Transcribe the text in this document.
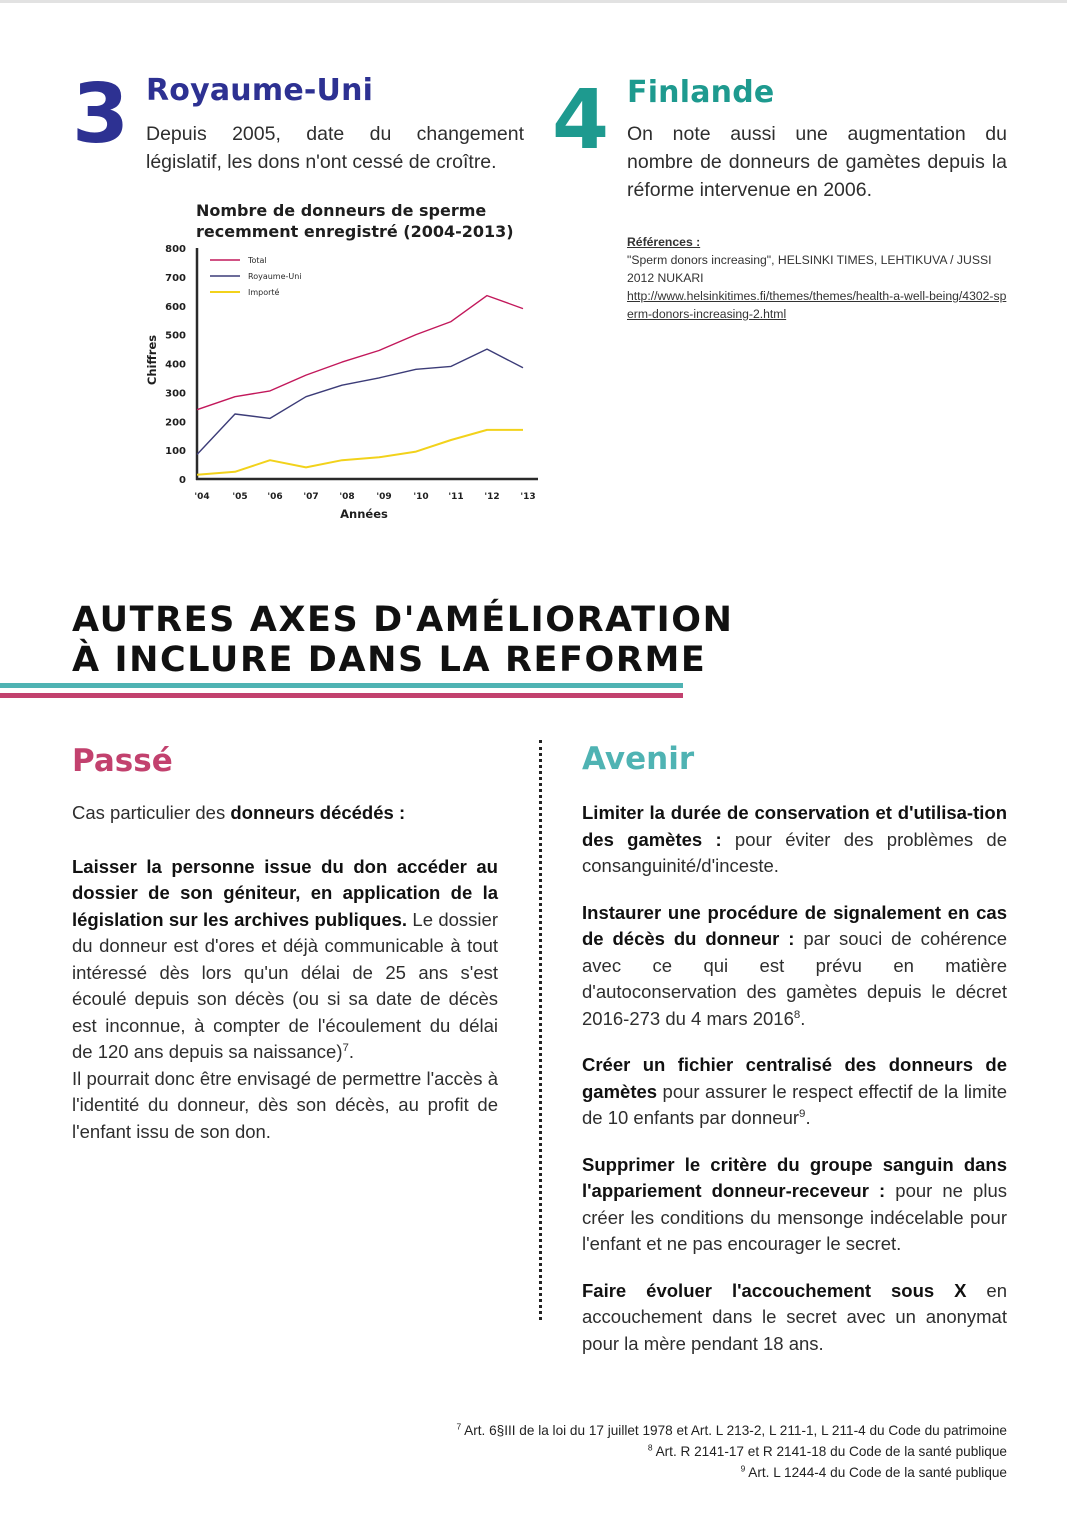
3 Royaume-Uni
Depuis 2005, date du changement législatif, les dons n'ont cessé de croître.
Nombre de donneurs de sperme recemment enregistré (2004-2013)
0
100
200
300
400
500
600
700
800
'04	'05 '06 '07 '08 '09 '10 '11 '12 '13
Années
Chiffres
Total
Royaume-Uni
Importé
4 Finlande
On note aussi une augmentation du nombre de donneurs de gamètes depuis la réforme intervenue en 2006.
Références :
"Sperm donors increasing", HELSINKI TIMES, LEHTIKUVA / JUSSI 2012 NUKARI
http://www.helsinkitimes.fi/themes/themes/health-a-well-being/4302-sperm-donors-increasing-2.html
AUTRES AXES D'AMÉLIORATION
À INCLURE DANS LA REFORME
Passé

Cas particulier des donneurs décédés :

Laisser la personne issue du don accéder au dossier de son géniteur, en application de la législation sur les archives publiques. Le dossier du donneur est d'ores et déjà communicable à tout intéressé dès lors qu'un délai de 25 ans s'est écoulé depuis son décès (ou si sa date de décès est inconnue, à compter de l'écoulement du délai de 120 ans depuis sa naissance)$^7$.

Il pourrait donc être envisagé de permettre l'accès à l'identité du donneur, dès son décès, au profit de l'enfant issu de son don.

Avenir

Limiter la durée de conservation et d'utilisa-tion des gamètes : pour éviter des problèmes de consanguinité/d'inceste.

Instaurer une procédure de signalement en cas de décès du donneur : par souci de cohérence avec ce qui est prévu en matière d'autoconservation des gamètes depuis le décret 2016-273 du 4 mars 2016$^8$.

Créer un fichier centralisé des donneurs de gamètes pour assurer le respect effectif de la limite de 10 enfants par donneur$^9$.

Supprimer le critère du groupe sanguin dans l'appariement donneur-receveur : pour ne plus créer les conditions du mensonge indécelable pour l'enfant et ne pas encourager le secret.

Faire évoluer l'accouchement sous X en accouchement dans le secret avec un anonymat pour la mère pendant 18 ans.

$^7$ Art. 6§III de la loi du 17 juillet 1978 et Art. L 213-2, L 211-1, L 211-4 du Code du patrimoine
$^8$ Art. R 2141-17 et R 2141-18 du Code de la santé publique
$^9$ Art. L 1244-4 du Code de la santé publique
